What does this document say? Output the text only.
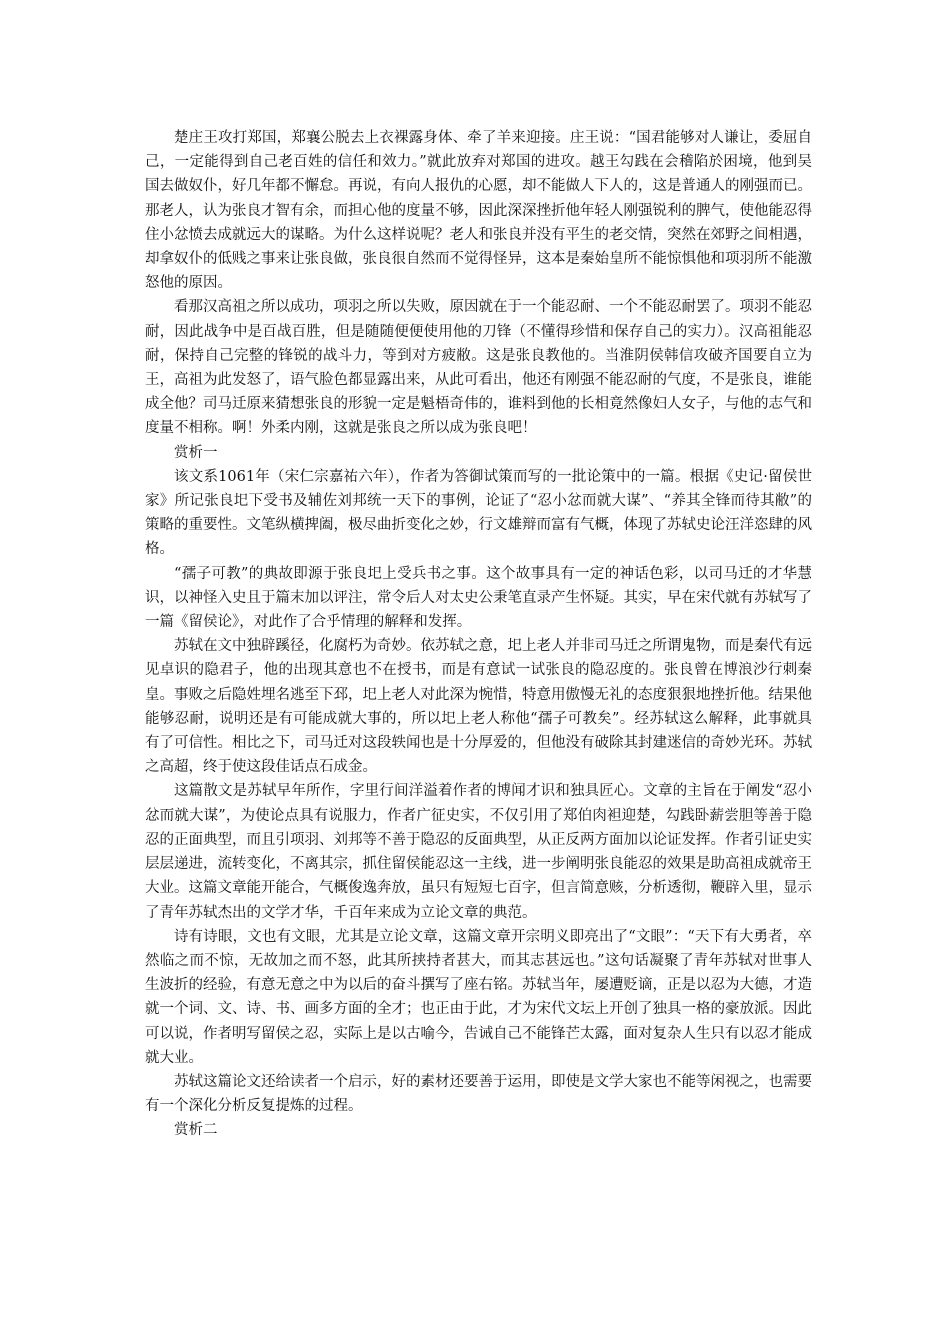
楚庄王攻打郑国，郑襄公脱去上衣裸露身体、牵了羊来迎接。庄王说：“国君能够对人谦让，委屈自己，一定能得到自己老百姓的信任和效力。”就此放弃对郑国的进攻。越王勾践在会稽陷於困境，他到吴国去做奴仆，好几年都不懈怠。再说，有向人报仇的心愿，却不能做人下人的，这是普通人的刚强而已。那老人，认为张良才智有余，而担心他的度量不够，因此深深挫折他年轻人刚强锐利的脾气，使他能忍得住小忿愤去成就远大的谋略。为什么这样说呢？老人和张良并没有平生的老交情，突然在郊野之间相遇，却拿奴仆的低贱之事来让张良做，张良很自然而不觉得怪异，这本是秦始皇所不能惊惧他和项羽所不能激怒他的原因。

看那汉高祖之所以成功，项羽之所以失败，原因就在于一个能忍耐、一个不能忍耐罢了。项羽不能忍耐，因此战争中是百战百胜，但是随随便便使用他的刀锋（不懂得珍惜和保存自己的实力）。汉高祖能忍耐，保持自己完整的锋锐的战斗力，等到对方疲敝。这是张良教他的。当淮阴侯韩信攻破齐国要自立为王，高祖为此发怒了，语气脸色都显露出来，从此可看出，他还有刚强不能忍耐的气度，不是张良，谁能成全他？司马迁原来猜想张良的形貌一定是魁梧奇伟的，谁料到他的长相竟然像妇人女子，与他的志气和度量不相称。啊！外柔内刚，这就是张良之所以成为张良吧！

赏析一

该文系1061年（宋仁宗嘉祐六年），作者为答御试策而写的一批论策中的一篇。根据《史记·留侯世家》所记张良圯下受书及辅佐刘邦统一天下的事例，论证了“忍小忿而就大谋”、“养其全锋而待其敝”的策略的重要性。文笔纵横捭阖，极尽曲折变化之妙，行文雄辩而富有气概，体现了苏轼史论汪洋恣肆的风格。

“孺子可教”的典故即源于张良圯上受兵书之事。这个故事具有一定的神话色彩，以司马迁的才华慧识，以神怪入史且于篇末加以评注，常令后人对太史公秉笔直录产生怀疑。其实，早在宋代就有苏轼写了一篇《留侯论》，对此作了合乎情理的解释和发挥。

苏轼在文中独辟蹊径，化腐朽为奇妙。依苏轼之意，圯上老人并非司马迁之所谓鬼物，而是秦代有远见卓识的隐君子，他的出现其意也不在授书，而是有意试一试张良的隐忍度的。张良曾在博浪沙行刺秦皇。事败之后隐姓埋名逃至下邳，圯上老人对此深为惋惜，特意用傲慢无礼的态度狠狠地挫折他。结果他能够忍耐，说明还是有可能成就大事的，所以圯上老人称他“孺子可教矣”。经苏轼这么解释，此事就具有了可信性。相比之下，司马迁对这段轶闻也是十分厚爱的，但他没有破除其封建迷信的奇妙光环。苏轼之高超，终于使这段佳话点石成金。

这篇散文是苏轼早年所作，字里行间洋溢着作者的博闻才识和独具匠心。文章的主旨在于阐发“忍小忿而就大谋”，为使论点具有说服力，作者广征史实，不仅引用了郑伯肉袒迎楚，勾践卧薪尝胆等善于隐忍的正面典型，而且引项羽、刘邦等不善于隐忍的反面典型，从正反两方面加以论证发挥。作者引证史实层层递进，流转变化，不离其宗，抓住留侯能忍这一主线，进一步阐明张良能忍的效果是助高祖成就帝王大业。这篇文章能开能合，气概俊逸奔放，虽只有短短七百字，但言简意赅，分析透彻，鞭辟入里，显示了青年苏轼杰出的文学才华，千百年来成为立论文章的典范。

诗有诗眼，文也有文眼，尤其是立论文章，这篇文章开宗明义即亮出了“文眼”：“天下有大勇者，卒然临之而不惊，无故加之而不怒，此其所挟持者甚大，而其志甚远也。”这句话凝聚了青年苏轼对世事人生波折的经验，有意无意之中为以后的奋斗撰写了座右铭。苏轼当年，屡遭贬谪，正是以忍为大德，才造就一个词、文、诗、书、画多方面的全才；也正由于此，才为宋代文坛上开创了独具一格的豪放派。因此可以说，作者明写留侯之忍，实际上是以古喻今，告诫自己不能锋芒太露，面对复杂人生只有以忍才能成就大业。

苏轼这篇论文还给读者一个启示，好的素材还要善于运用，即使是文学大家也不能等闲视之，也需要有一个深化分析反复提炼的过程。

赏析二
